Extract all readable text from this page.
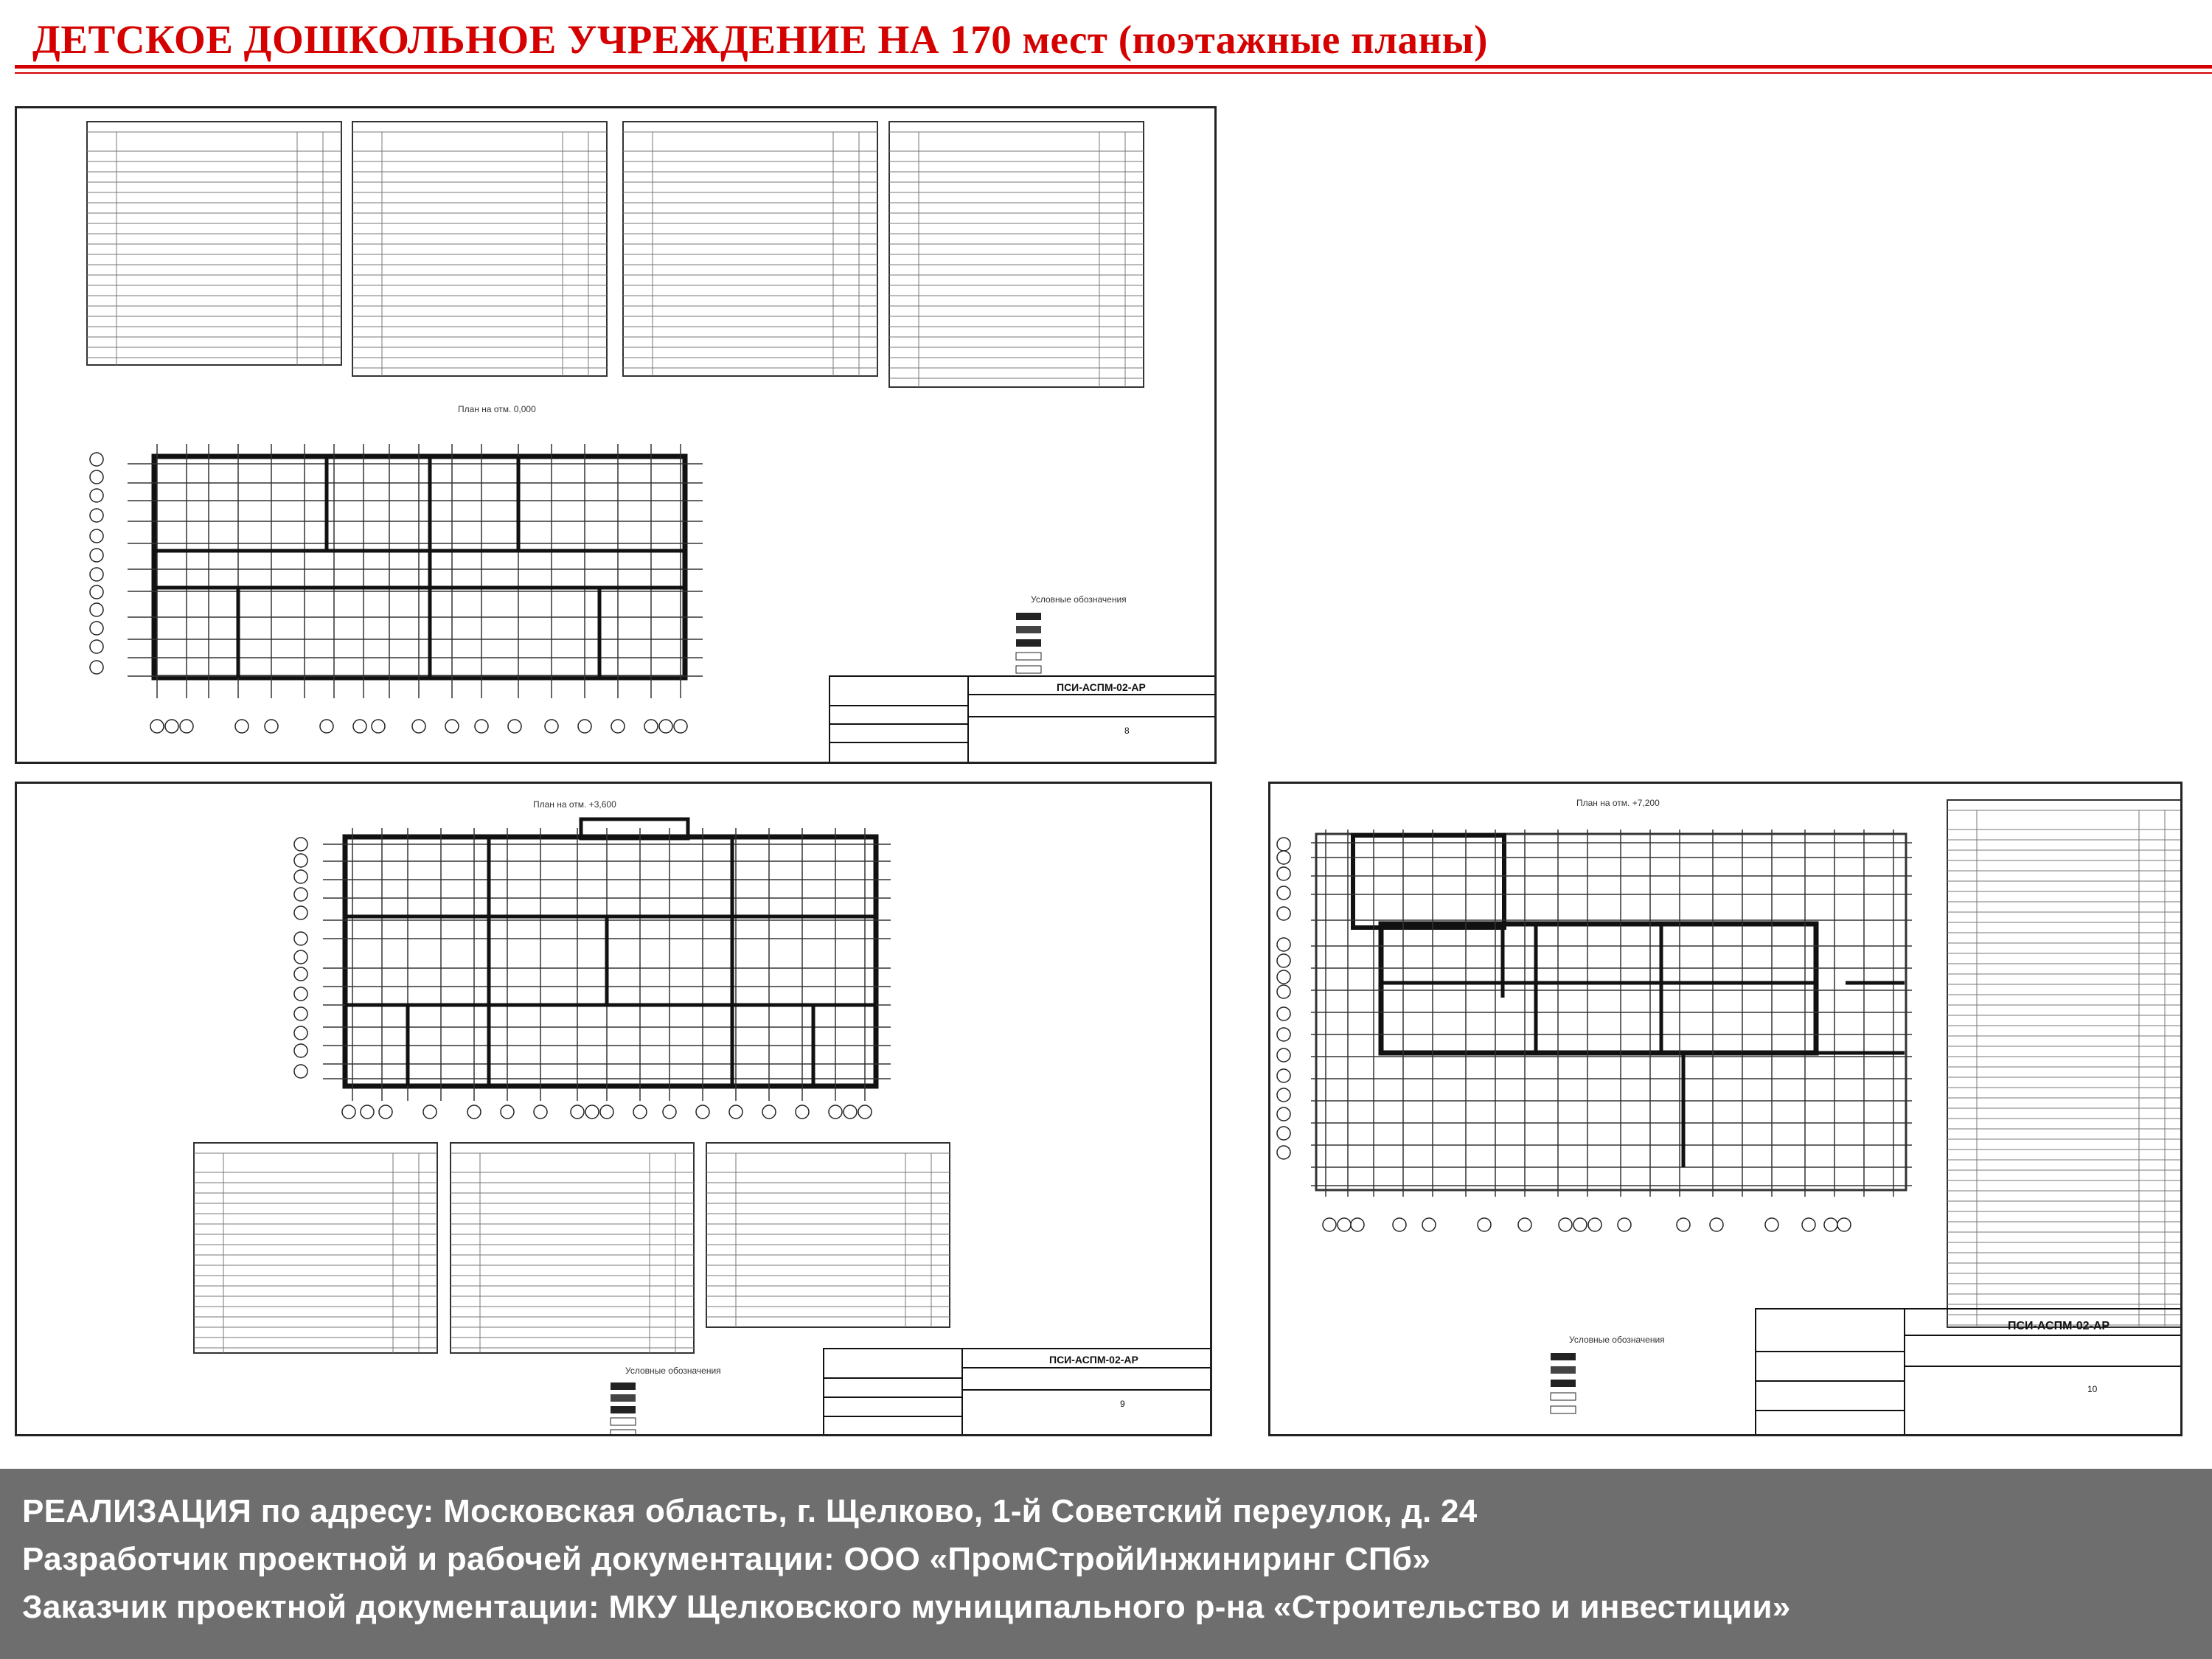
ДЕТСКОЕ ДОШКОЛЬНОЕ УЧРЕЖДЕНИЕ НА 170 мест (поэтажные планы)
План на отм. 0,000
Условные обозначения
ПСИ-АСПМ-02-АР
8
План на отм. +3,600
Условные обозначения
ПСИ-АСПМ-02-АР
9
План на отм. +7,200
Условные обозначения
ПСИ-АСПМ-02-АР
10
РЕАЛИЗАЦИЯ по адресу: Московская область, г. Щелково, 1-й Советский переулок, д. 24
Разработчик проектной и рабочей документации: ООО «ПромСтройИнжиниринг СПб»
Заказчик проектной документации: МКУ Щелковского муниципального р-на «Строительство и инвестиции»
